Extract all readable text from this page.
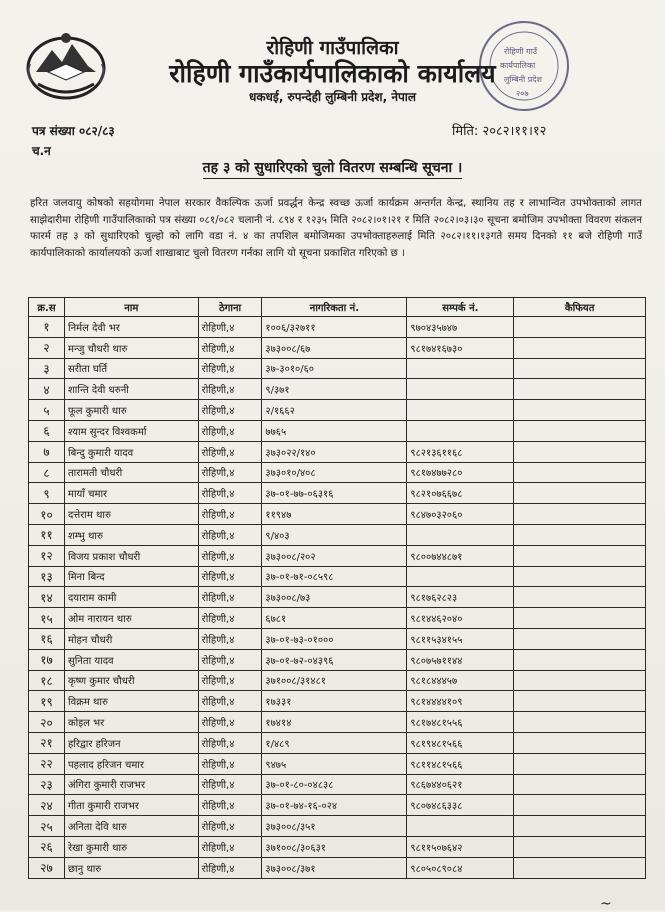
रोहिणी गाउँ
कार्यपालिका
लुम्बिनी प्रदेश
२०७
रोहिणी गाउँपालिका
रोहिणी गाउँकार्यपालिकाको कार्यालय
धकधई, रुपन्देही लुम्बिनी प्रदेश, नेपाल
पत्र संख्या ०८२/८३
च.न
मिति: २०८२।११।१२
तह ३ को सुधारिएको चुलो वितरण सम्बन्धि सूचना ।
हरित जलवायु कोषको सहयोगमा नेपाल सरकार वैकल्पिक ऊर्जा प्रवर्द्धन केन्द्र स्वच्छ ऊर्जा कार्यक्रम अन्तर्गत केन्द्र, स्थानिय तह र लाभान्वित उपभोक्ताको लागत साझेदारीमा रोहिणी गाउँपालिकाको पत्र संख्या ०८१/०८२ चलानी नं. ८९४ र १२३५ मिति २०८२।०१।२१ र मिति २०८२।०३।३० सूचना बमोजिम उपभोक्ता विवरण संकलन फारर्म तह ३ को सुधारिएको चुल्हो को लागि वडा नं. ४ का तपशिल बमोजिमका उपभोक्ताहरुलाई मिति २०८२।११।१३गते समय दिनको ११ बजे रोहिणी गाउँ कार्यपालिकाको कार्यालयको ऊर्जा शाखाबाट चुलो वितरण गर्नका लागि यो सूचना प्रकाशित गरिएको छ ।
क्र.स	नाम	ठेगाना	नागरिकता नं.	सम्पर्क नं.	कैफियत
१	निर्मल देवी भर	रोहिणी,४	१००६/३२७११	९७०४३५७४७	
२	मन्जु चौधरी थारु	रोहिणी,४	३७३००८/६७	९८१७४१६७३०	
३	सरीता घर्ति	रोहिणी,४	३७-३०१०/६०		
४	शान्ति देवी धरुनी	रोहिणी,४	९/३७१		
५	फूल कुमारी थारु	रोहिणी,४	२/१६६२		
६	श्याम सुन्दर विश्वकर्मा	रोहिणी,४	७७६५		
७	बिन्दु कुमारी यादव	रोहिणी,४	३७३०२२/१४०	९८२१३६११६८	
८	तारामती चौधरी	रोहिणी,४	३७३०१०/४०८	९८१७४७७२८०	
९	मायाँ चमार	रोहिणी,४	३७-०१-७७-०६३१६	९८२१०७६६७८	
१०	दत्तेराम थारु	रोहिणी,४	११९४७	९८४७०३२०६०	
११	शम्भु थारु	रोहिणी,४	९/४०३		
१२	विजय प्रकाश चौधरी	रोहिणी,४	३७३००८/२०२	९८००७४४८७१	
१३	मिना बिन्द	रोहिणी,४	३७-०१-७१-०८५९८		
१४	दयाराम कामी	रोहिणी,४	३७३००८/७३	९८१७६२८२३	
१५	ओम नारायन थारु	रोहिणी,४	६७८१	९८१४४६२०४०	
१६	मोहन चौधरी	रोहिणी,४	३७-०१-७३-०१०००	९८११५३४१५५	
१७	सुनिता यादव	रोहिणी,४	३७-०१-७२-०४३९६	९८०७५७११४४	
१८	कृष्ण कुमार चौधरी	रोहिणी,४	३७१००८/३१४८१	९८१८४४४५७	
१९	विक्रम थारु	रोहिणी,४	१७३३१	९८१४४४४१०९	
२०	कोइल भर	रोहिणी,४	१७४१४	९८१७४८१५५६	
२१	हरिद्वार हरिजन	रोहिणी,४	१/४८९	९८१९४८१५६६	
२२	पहलाद हरिजन चमार	रोहिणी,४	९४७५	९८११४८१५६६	
२३	अंगिरा कुमारी राजभर	रोहिणी,४	३७-०१-८०-०४८३८	९८६७४४०६२१	
२४	गीता कुमारी राजभर	रोहिणी,४	३७-०१-७४-१६-०२४	९८०७४८६३३८	
२५	अनिता देवि थारु	रोहिणी,४	३७३००८/३५१		
२६	रेखा कुमारी थारु	रोहिणी,४	३७१००८/३०६३१	९८११५०७६४२	
२७	छानु थारु	रोहिणी,४	३७३००८/३७१	९८०५०८९०८४	
~
